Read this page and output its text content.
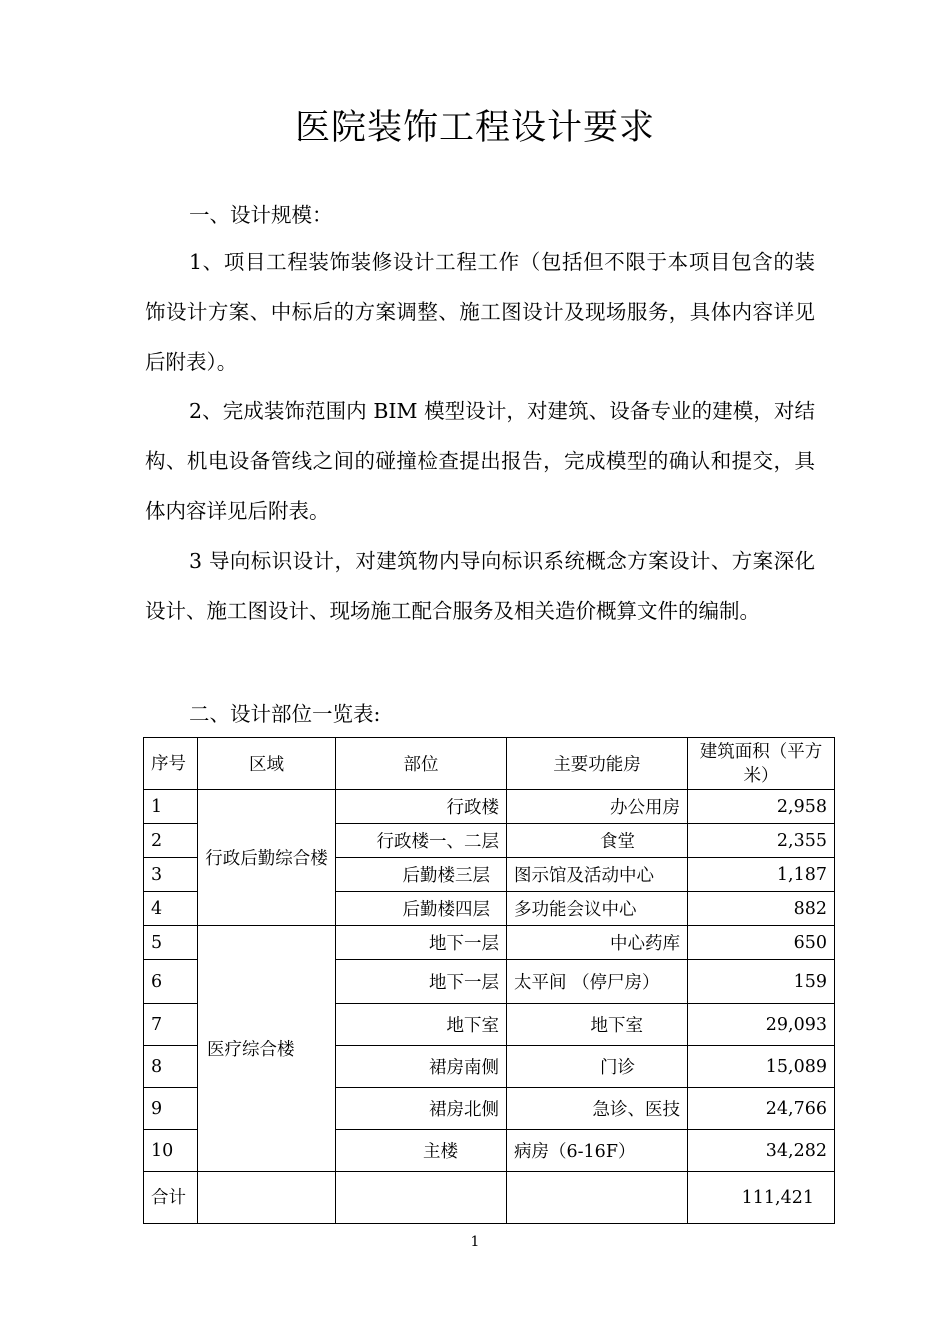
医院装饰工程设计要求
一、设计规模：
1、项目工程装饰装修设计工程工作（包括但不限于本项目包含的装饰设计方案、中标后的方案调整、施工图设计及现场服务，具体内容详见后附表）。
2、完成装饰范围内 BIM 模型设计，对建筑、设备专业的建模，对结构、机电设备管线之间的碰撞检查提出报告，完成模型的确认和提交，具体内容详见后附表。
3 导向标识设计，对建筑物内导向标识系统概念方案设计、方案深化设计、施工图设计、现场施工配合服务及相关造价概算文件的编制。
二、设计部位一览表:
序号	区域	部位	主要功能房	建筑面积（平方米）
1	行政后勤综合楼	行政楼	办公用房	2,958
2		行政楼一、二层	食堂	2,355
3		后勤楼三层	图示馆及活动中心	1,187
4		后勤楼四层	多功能会议中心	882
5	医疗综合楼	地下一层	中心药库	650
6		地下一层	太平间 （停尸房）	159
7		地下室	地下室	29,093
8		裙房南侧	门诊	15,089
9		裙房北侧	急诊、医技	24,766
10		主楼	病房（6-16F）	34,282
合计				111,421
1
